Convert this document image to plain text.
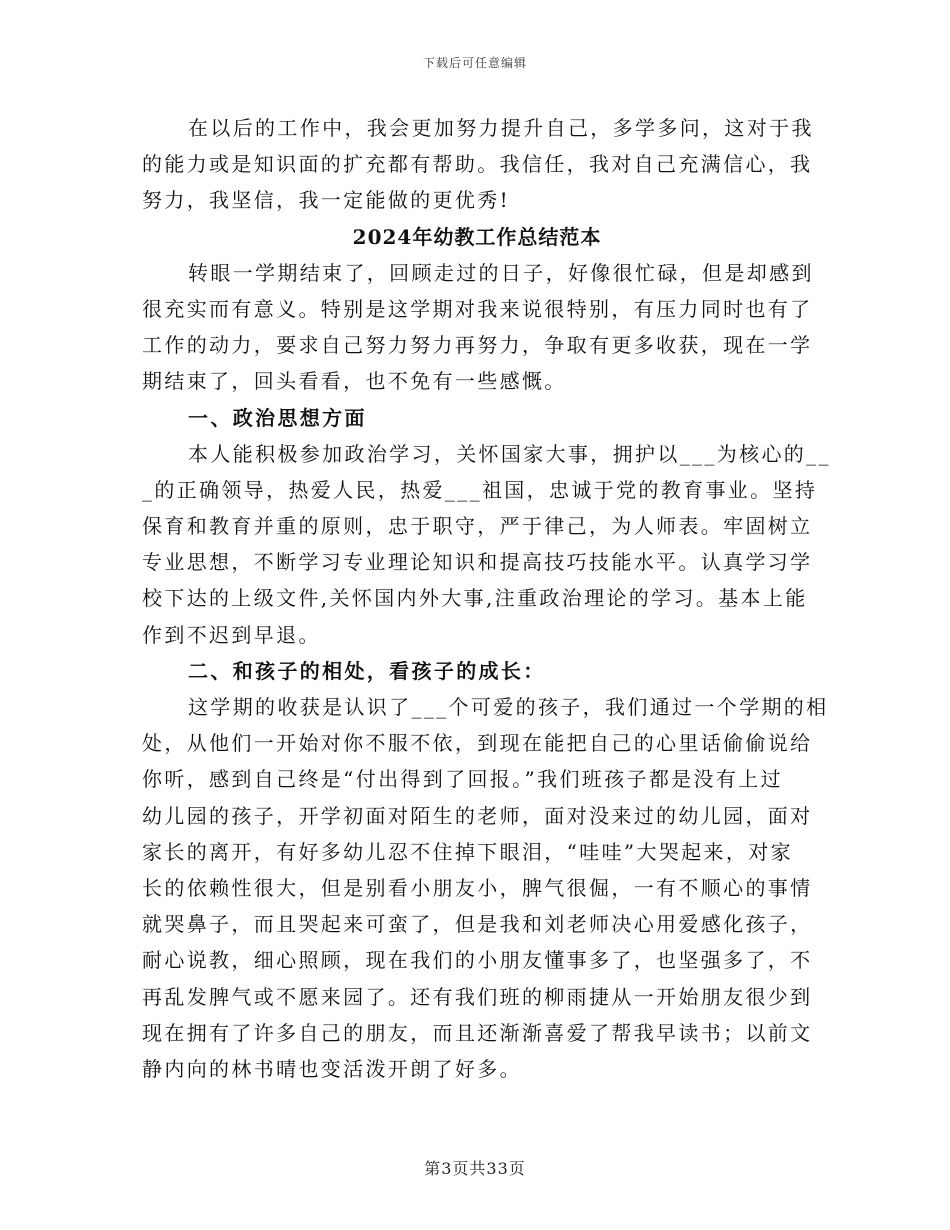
下载后可任意编辑
在以后的工作中，我会更加努力提升自己，多学多问，这对于我
的能力或是知识面的扩充都有帮助。我信任，我对自己充满信心，我
努力，我坚信，我一定能做的更优秀!
2024年幼教工作总结范本
转眼一学期结束了，回顾走过的日子，好像很忙碌，但是却感到
很充实而有意义。特别是这学期对我来说很特别，有压力同时也有了
工作的动力，要求自己努力努力再努力，争取有更多收获，现在一学
期结束了，回头看看，也不免有一些感慨。
一、政治思想方面
本人能积极参加政治学习，关怀国家大事，拥护以___为核心的__
_的正确领导，热爱人民，热爱___祖国，忠诚于党的教育事业。坚持
保育和教育并重的原则，忠于职守，严于律己，为人师表。牢固树立
专业思想，不断学习专业理论知识和提高技巧技能水平。认真学习学
校下达的上级文件,关怀国内外大事,注重政治理论的学习。基本上能
作到不迟到早退。
二、和孩子的相处，看孩子的成长：
这学期的收获是认识了___个可爱的孩子，我们通过一个学期的相
处，从他们一开始对你不服不依，到现在能把自己的心里话偷偷说给
你听，感到自己终是“付出得到了回报。”我们班孩子都是没有上过
幼儿园的孩子，开学初面对陌生的老师，面对没来过的幼儿园，面对
家长的离开，有好多幼儿忍不住掉下眼泪，“哇哇”大哭起来，对家
长的依赖性很大，但是别看小朋友小，脾气很倔，一有不顺心的事情
就哭鼻子，而且哭起来可蛮了，但是我和刘老师决心用爱感化孩子，
耐心说教，细心照顾，现在我们的小朋友懂事多了，也坚强多了，不
再乱发脾气或不愿来园了。还有我们班的柳雨捷从一开始朋友很少到
现在拥有了许多自己的朋友，而且还渐渐喜爱了帮我早读书；以前文
静内向的林书晴也变活泼开朗了好多。
第3页共33页
